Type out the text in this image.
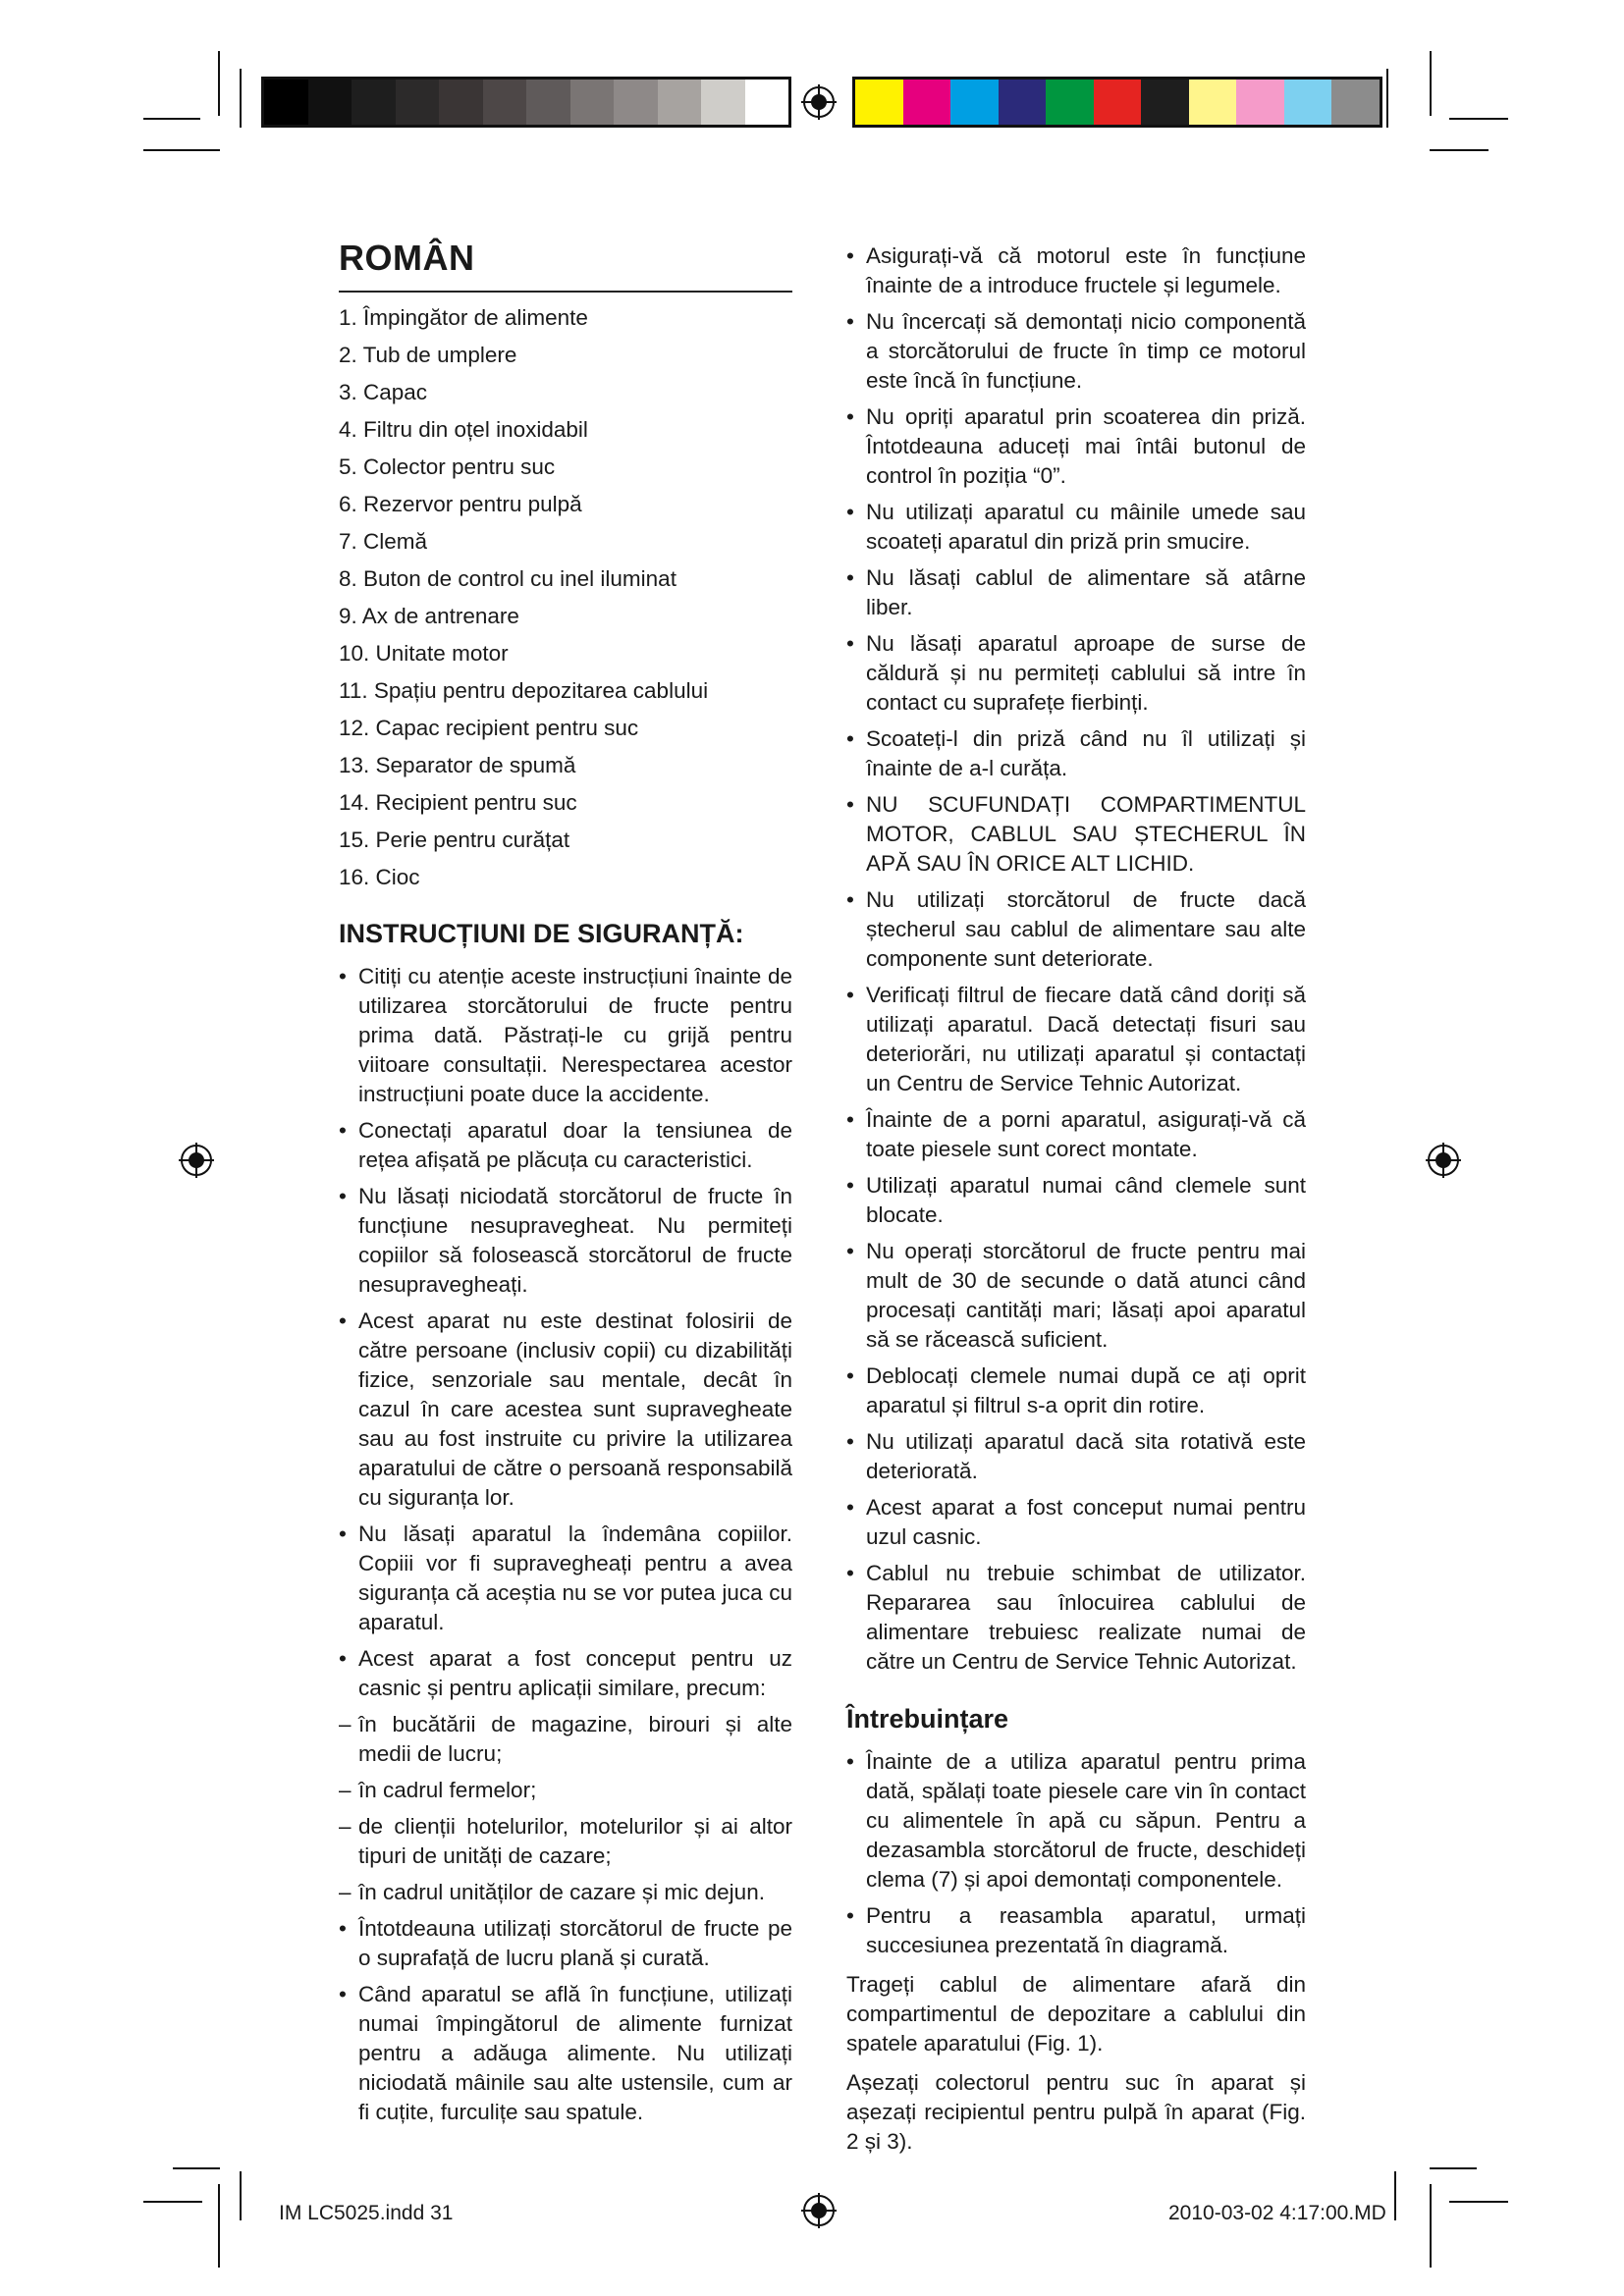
ROMÂN
1. Împingător de alimente
2. Tub de umplere
3. Capac
4. Filtru din oțel inoxidabil
5. Colector pentru suc
6. Rezervor pentru pulpă
7. Clemă
8. Buton de control cu inel iluminat
9. Ax de antrenare
10. Unitate motor
11. Spațiu pentru depozitarea cablului
12. Capac recipient pentru suc
13. Separator de spumă
14. Recipient pentru suc
15. Perie pentru curățat
16. Cioc
INSTRUCȚIUNI DE SIGURANȚĂ:
• Citiți cu atenție aceste instrucțiuni înainte de utilizarea storcătorului de fructe pentru prima dată. Păstrați-le cu grijă pentru viitoare consultații. Nerespectarea acestor instrucțiuni poate duce la accidente.
• Conectați aparatul doar la tensiunea de rețea afișată pe plăcuța cu caracteristici.
• Nu lăsați niciodată storcătorul de fructe în funcțiune nesupravegheat. Nu permiteți copiilor să folosească storcătorul de fructe nesupravegheați.
• Acest aparat nu este destinat folosirii de către persoane (inclusiv copii) cu dizabilități fizice, senzoriale sau mentale, decât în cazul în care acestea sunt supravegheate sau au fost instruite cu privire la utilizarea aparatului de către o persoană responsabilă cu siguranța lor.
• Nu lăsați aparatul la îndemâna copiilor. Copiii vor fi supravegheați pentru a avea siguranța că aceștia nu se vor putea juca cu aparatul.
• Acest aparat a fost conceput pentru uz casnic și pentru aplicații similare, precum:
– în bucătării de magazine, birouri și alte medii de lucru;
– în cadrul fermelor;
– de clienții hotelurilor, motelurilor și ai altor tipuri de unități de cazare;
– în cadrul unităților de cazare și mic dejun.
• Întotdeauna utilizați storcătorul de fructe pe o suprafață de lucru plană și curată.
• Când aparatul se află în funcțiune, utilizați numai împingătorul de alimente furnizat pentru a adăuga alimente. Nu utilizați niciodată mâinile sau alte ustensile, cum ar fi cuțite, furculițe sau spatule.
• Asigurați-vă că motorul este în funcțiune înainte de a introduce fructele și legumele.
• Nu încercați să demontați nicio componentă a storcătorului de fructe în timp ce motorul este încă în funcțiune.
• Nu opriți aparatul prin scoaterea din priză. Întotdeauna aduceți mai întâi butonul de control în poziția “0”.
• Nu utilizați aparatul cu mâinile umede sau scoateți aparatul din priză prin smucire.
• Nu lăsați cablul de alimentare să atârne liber.
• Nu lăsați aparatul aproape de surse de căldură și nu permiteți cablului să intre în contact cu suprafețe fierbinți.
• Scoateți-l din priză când nu îl utilizați și înainte de a-l curăța.
• NU SCUFUNDAȚI COMPARTIMENTUL MOTOR, CABLUL SAU ȘTECHERUL ÎN APĂ SAU ÎN ORICE ALT LICHID.
• Nu utilizați storcătorul de fructe dacă ștecherul sau cablul de alimentare sau alte componente sunt deteriorate.
• Verificați filtrul de fiecare dată când doriți să utilizați aparatul. Dacă detectați fisuri sau deteriorări, nu utilizați aparatul și contactați un Centru de Service Tehnic Autorizat.
• Înainte de a porni aparatul, asigurați-vă că toate piesele sunt corect montate.
• Utilizați aparatul numai când clemele sunt blocate.
• Nu operați storcătorul de fructe pentru mai mult de 30 de secunde o dată atunci când procesați cantități mari; lăsați apoi aparatul să se răcească suficient.
• Deblocați clemele numai după ce ați oprit aparatul și filtrul s-a oprit din rotire.
• Nu utilizați aparatul dacă sita rotativă este deteriorată.
• Acest aparat a fost conceput numai pentru uzul casnic.
• Cablul nu trebuie schimbat de utilizator. Repararea sau înlocuirea cablului de alimentare trebuiesc realizate numai de către un Centru de Service Tehnic Autorizat.
Întrebuințare
• Înainte de a utiliza aparatul pentru prima dată, spălați toate piesele care vin în contact cu alimentele în apă cu săpun. Pentru a dezasambla storcătorul de fructe, deschideți clema (7) și apoi demontați componentele.
• Pentru a reasambla aparatul, urmați succesiunea prezentată în diagramă.

Trageți cablul de alimentare afară din compartimentul de depozitare a cablului din spatele aparatului (Fig. 1).

Așezați colectorul pentru suc în aparat și așezați recipientul pentru pulpă în aparat (Fig. 2 și 3).

IM LC5025.indd 31	2010-03-02 4:17:00.MD
